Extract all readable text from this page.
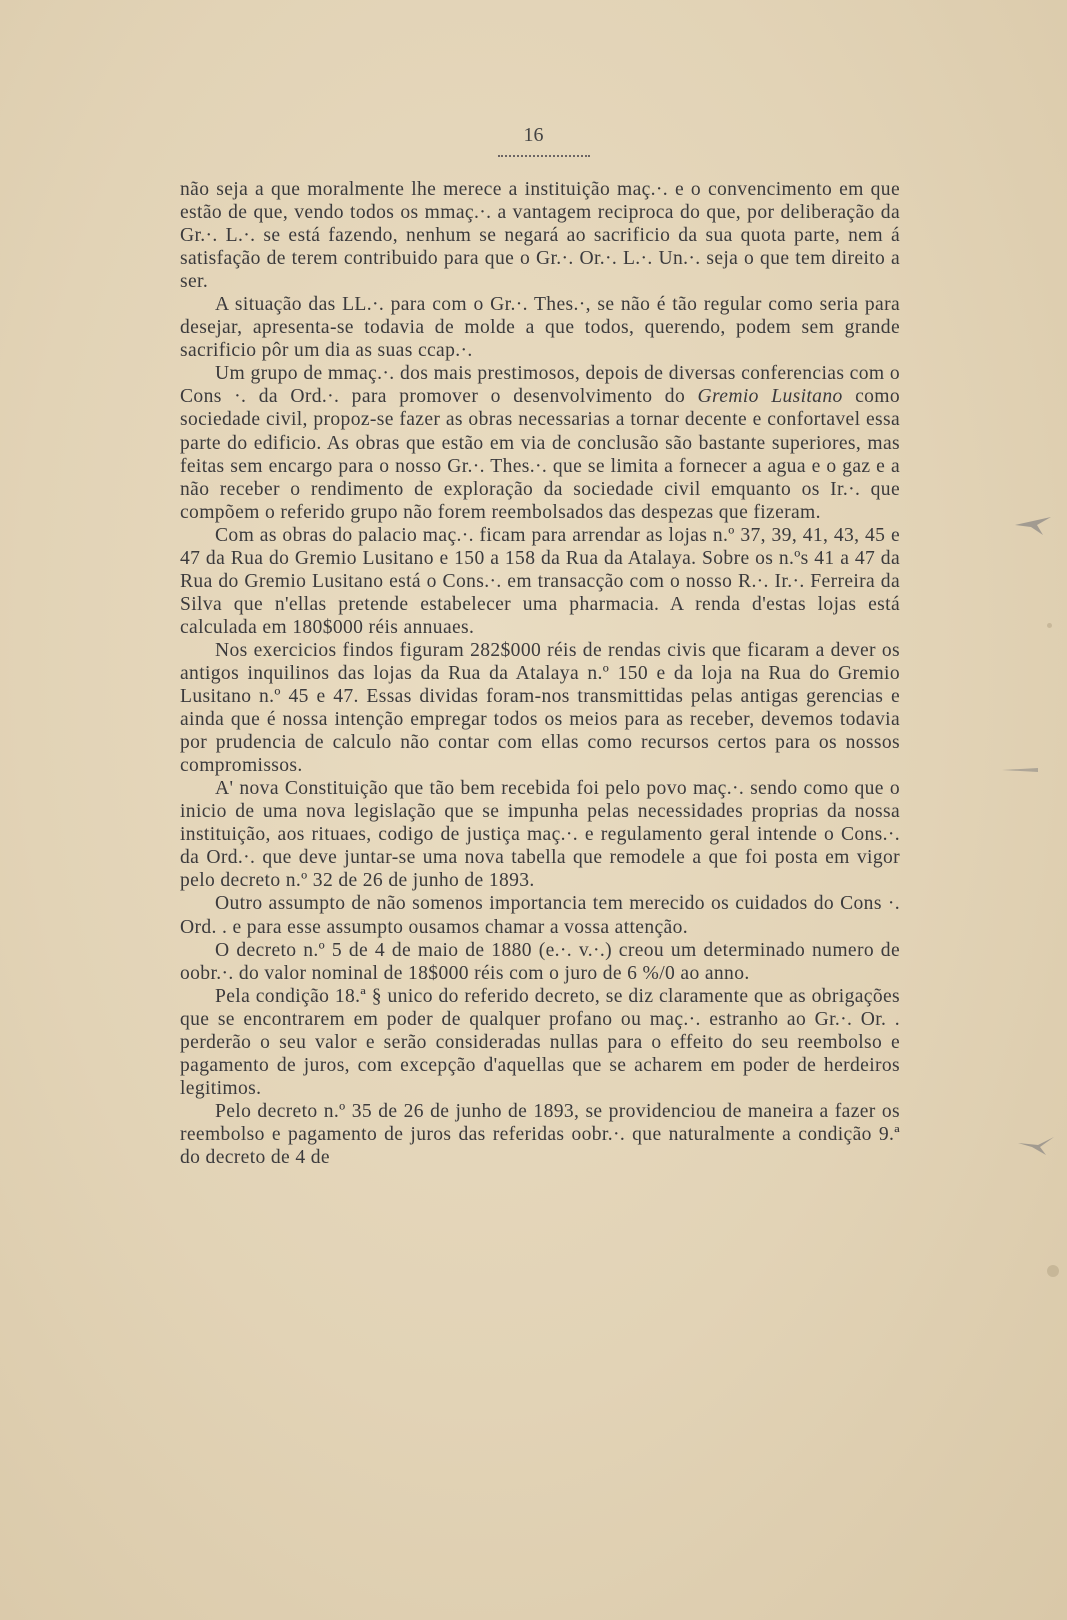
16

não seja a que moralmente lhe merece a instituição maç.·. e o convencimento em que estão de que, vendo todos os mmaç.·. a vantagem reciproca do que, por deliberação da Gr.·. L.·. se está fazendo, nenhum se negará ao sacrificio da sua quota parte, nem á satisfação de terem contribuido para que o Gr.·. Or.·. L.·. Un.·. seja o que tem direito a ser.

A situação das LL.·. para com o Gr.·. Thes.·, se não é tão regular como seria para desejar, apresenta-se todavia de molde a que todos, querendo, podem sem grande sacrificio pôr um dia as suas ccap.·.

Um grupo de mmaç.·. dos mais prestimosos, depois de diversas conferencias com o Cons ·. da Ord.·. para promover o desenvolvimento do Gremio Lusitano como sociedade civil, propoz-se fazer as obras necessarias a tornar decente e confortavel essa parte do edificio. As obras que estão em via de conclusão são bastante superiores, mas feitas sem encargo para o nosso Gr.·. Thes.·. que se limita a fornecer a agua e o gaz e a não receber o rendimento de exploração da sociedade civil emquanto os Ir.·. que compõem o referido grupo não forem reembolsados das despezas que fizeram.

Com as obras do palacio maç.·. ficam para arrendar as lojas n.º 37, 39, 41, 43, 45 e 47 da Rua do Gremio Lusitano e 150 a 158 da Rua da Atalaya. Sobre os n.ºs 41 a 47 da Rua do Gremio Lusitano está o Cons.·. em transacção com o nosso R.·. Ir.·. Ferreira da Silva que n'ellas pretende estabelecer uma pharmacia. A renda d'estas lojas está calculada em 180$000 réis annuaes.

Nos exercicios findos figuram 282$000 réis de rendas civis que ficaram a dever os antigos inquilinos das lojas da Rua da Atalaya n.º 150 e da loja na Rua do Gremio Lusitano n.º 45 e 47. Essas dividas foram-nos transmittidas pelas antigas gerencias e ainda que é nossa intenção empregar todos os meios para as receber, devemos todavia por prudencia de calculo não contar com ellas como recursos certos para os nossos compromissos.

A' nova Constituição que tão bem recebida foi pelo povo maç.·. sendo como que o inicio de uma nova legislação que se impunha pelas necessidades proprias da nossa instituição, aos rituaes, codigo de justiça maç.·. e regulamento geral intende o Cons.·. da Ord.·. que deve juntar-se uma nova tabella que remodele a que foi posta em vigor pelo decreto n.º 32 de 26 de junho de 1893.

Outro assumpto de não somenos importancia tem merecido os cuidados do Cons ·. Ord. . e para esse assumpto ousamos chamar a vossa attenção.

O decreto n.º 5 de 4 de maio de 1880 (e.·. v.·.) creou um determinado numero de oobr.·. do valor nominal de 18$000 réis com o juro de 6 %/0 ao anno.

Pela condição 18.ª § unico do referido decreto, se diz claramente que as obrigações que se encontrarem em poder de qualquer profano ou maç.·. estranho ao Gr.·. Or. . perderão o seu valor e serão consideradas nullas para o effeito do seu reembolso e pagamento de juros, com excepção d'aquellas que se acharem em poder de herdeiros legitimos.

Pelo decreto n.º 35 de 26 de junho de 1893, se providenciou de maneira a fazer os reembolso e pagamento de juros das referidas oobr.·. que naturalmente a condição 9.ª do decreto de 4 de
